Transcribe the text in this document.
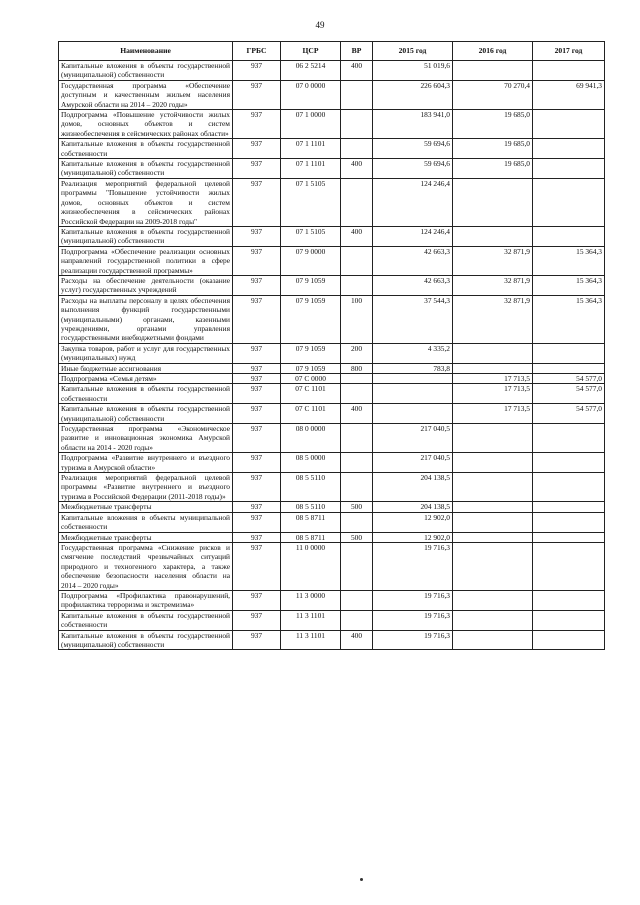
49
Наименование	ГРБС	ЦСР	ВР	2015 год	2016 год	2017 год
Капитальные вложения в объекты государственной (муниципальной) собственности	937	06 2 5214	400	51 019,6		
Государственная программа «Обеспечение доступным и качественным жильем населения Амурской области на 2014 – 2020 годы»	937	07 0 0000		226 604,3	70 270,4	69 941,3
Подпрограмма «Повышение устойчивости жилых домов, основных объектов и систем жизнеобеспечения в сейсмических районах области»	937	07 1 0000		183 941,0	19 685,0	
Капитальные вложения в объекты государственной собственности	937	07 1 1101		59 694,6	19 685,0	
Капитальные вложения в объекты государственной (муниципальной) собственности	937	07 1 1101	400	59 694,6	19 685,0	
Реализация мероприятий федеральной целевой программы "Повышение устойчивости жилых домов, основных объектов и систем жизнеобеспечения в сейсмических районах Российской Федерации на 2009-2018 годы"	937	07 1 5105		124 246,4		
Капитальные вложения в объекты государственной (муниципальной) собственности	937	07 1 5105	400	124 246,4		
Подпрограмма «Обеспечение реализации основных направлений государственной политики в сфере реализации государственной программы»	937	07 9 0000		42 663,3	32 871,9	15 364,3
Расходы на обеспечение деятельности (оказание услуг) государственных учреждений	937	07 9 1059		42 663,3	32 871,9	15 364,3
Расходы на выплаты персоналу в целях обеспечения выполнения функций государственными (муниципальными) органами, казенными учреждениями, органами управления государственными внебюджетными фондами	937	07 9 1059	100	37 544,3	32 871,9	15 364,3
Закупка товаров, работ и услуг для государственных (муниципальных) нужд	937	07 9 1059	200	4 335,2		
Иные бюджетные ассигнования	937	07 9 1059	800	783,8		
Подпрограмма «Семья детям»	937	07 С 0000			17 713,5	54 577,0
Капитальные вложения в объекты государственной собственности	937	07 С 1101			17 713,5	54 577,0
Капитальные вложения в объекты государственной (муниципальной) собственности	937	07 С 1101	400		17 713,5	54 577,0
Государственная программа «Экономическое развитие и инновационная экономика Амурской области на 2014 - 2020 годы»	937	08 0 0000		217 040,5		
Подпрограмма «Развитие внутреннего и въездного туризма в Амурской области»	937	08 5 0000		217 040,5		
Реализация мероприятий федеральной целевой программы «Развитие внутреннего и въездного туризма в Российской Федерации (2011-2018 годы)»	937	08 5 5110		204 138,5		
Межбюджетные трансферты	937	08 5 5110	500	204 138,5		
Капитальные вложения в объекты муниципальной собственности	937	08 5 8711		12 902,0		
Межбюджетные трансферты	937	08 5 8711	500	12 902,0		
Государственная программа «Снижение рисков и смягчение последствий чрезвычайных ситуаций природного и техногенного характера, а также обеспечение безопасности населения области на 2014 – 2020 годы»	937	11 0 0000		19 716,3		
Подпрограмма «Профилактика правонарушений, профилактика терроризма и экстремизма»	937	11 3 0000		19 716,3		
Капитальные вложения в объекты государственной собственности	937	11 3 1101		19 716,3		
Капитальные вложения в объекты государственной (муниципальной) собственности	937	11 3 1101	400	19 716,3		
